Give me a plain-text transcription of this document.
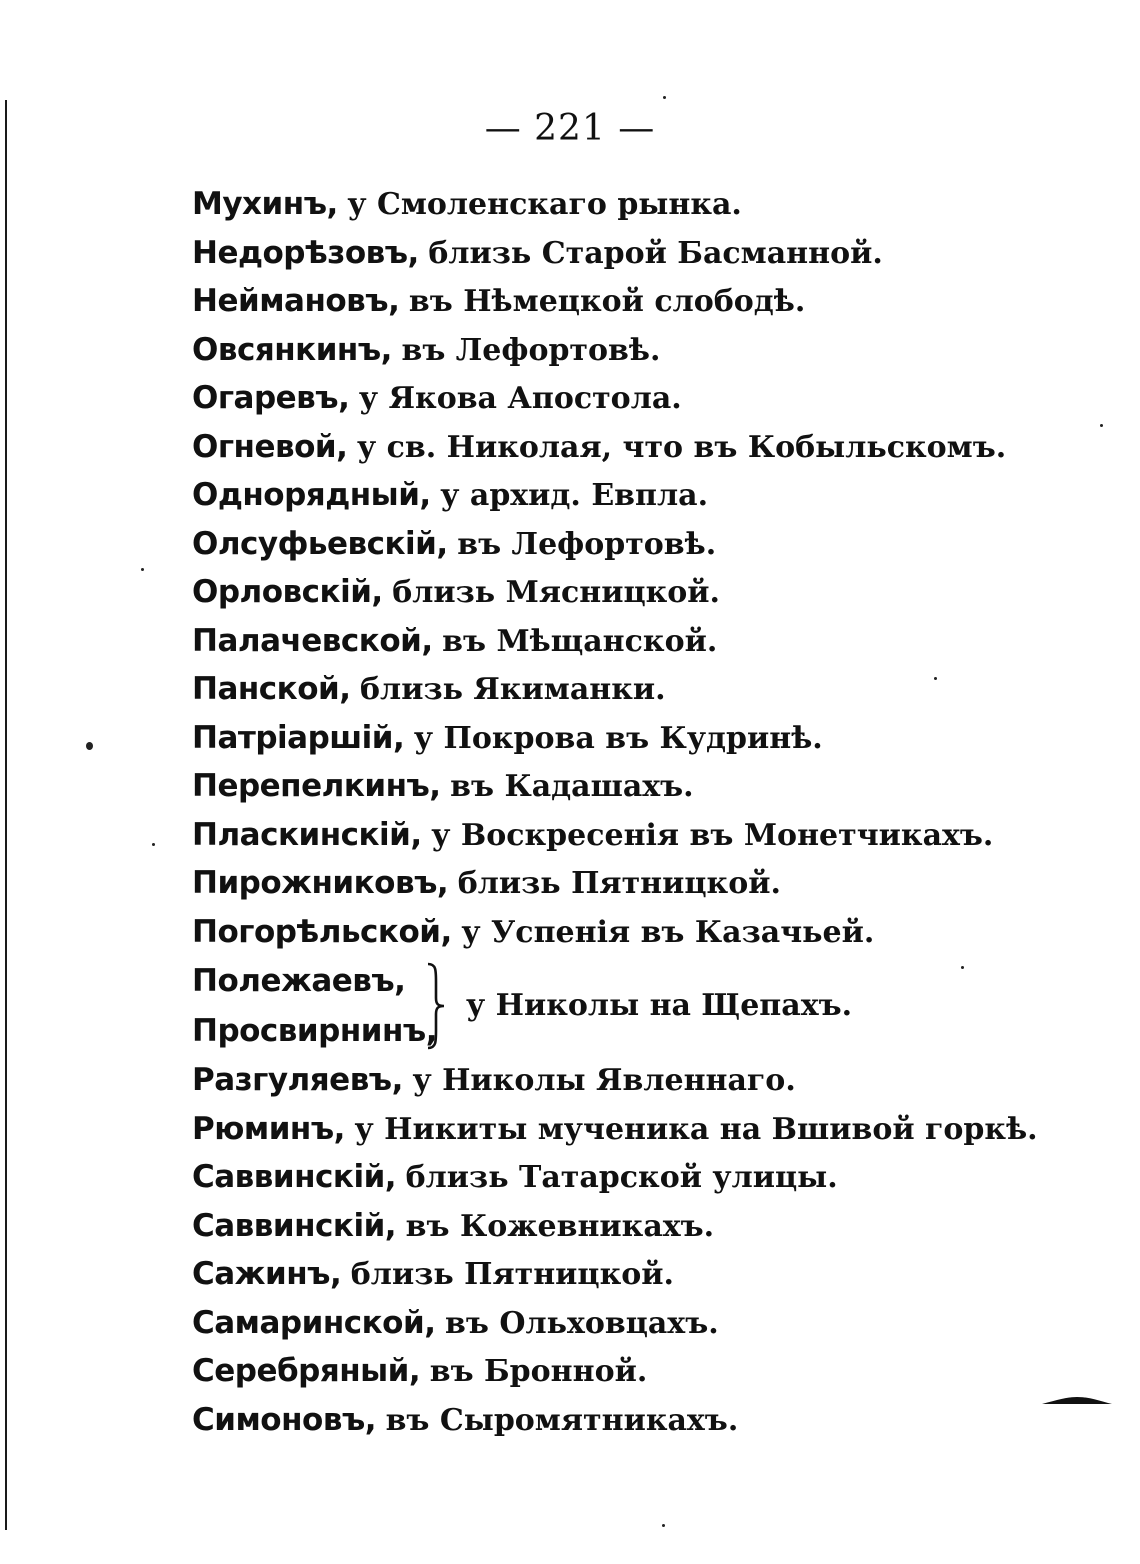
— 221 —
Мухинъ, у Смоленскаго рынка.
Недорѣзовъ, близь Старой Басманной.
Неймановъ, въ Нѣмецкой слободѣ.
Овсянкинъ, въ Лефортовѣ.
Огаревъ, у Якова Апостола.
Огневой, у св. Николая, что въ Кобыльскомъ.
Однорядный, у архид. Евпла.
Олсуфьевскій, въ Лефортовѣ.
Орловскій, близь Мясницкой.
Палачевской, въ Мѣщанской.
Панской, близь Якиманки.
Патріаршій, у Покрова въ Кудринѣ.
Перепелкинъ, въ Кадашахъ.
Пласкинскій, у Воскресенія въ Монетчикахъ.
Пирожниковъ, близь Пятницкой.
Погорѣльской, у Успенія въ Казачьей.
Полежаевъ,
Просвирнинъ,
у Николы на Щепахъ.
Разгуляевъ, у Николы Явленнаго.
Рюминъ, у Никиты мученика на Вшивой горкѣ.
Саввинскій, близь Татарской улицы.
Саввинскій, въ Кожевникахъ.
Сажинъ, близь Пятницкой.
Самаринской, въ Ольховцахъ.
Серебряный, въ Бронной.
Симоновъ, въ Сыромятникахъ.
